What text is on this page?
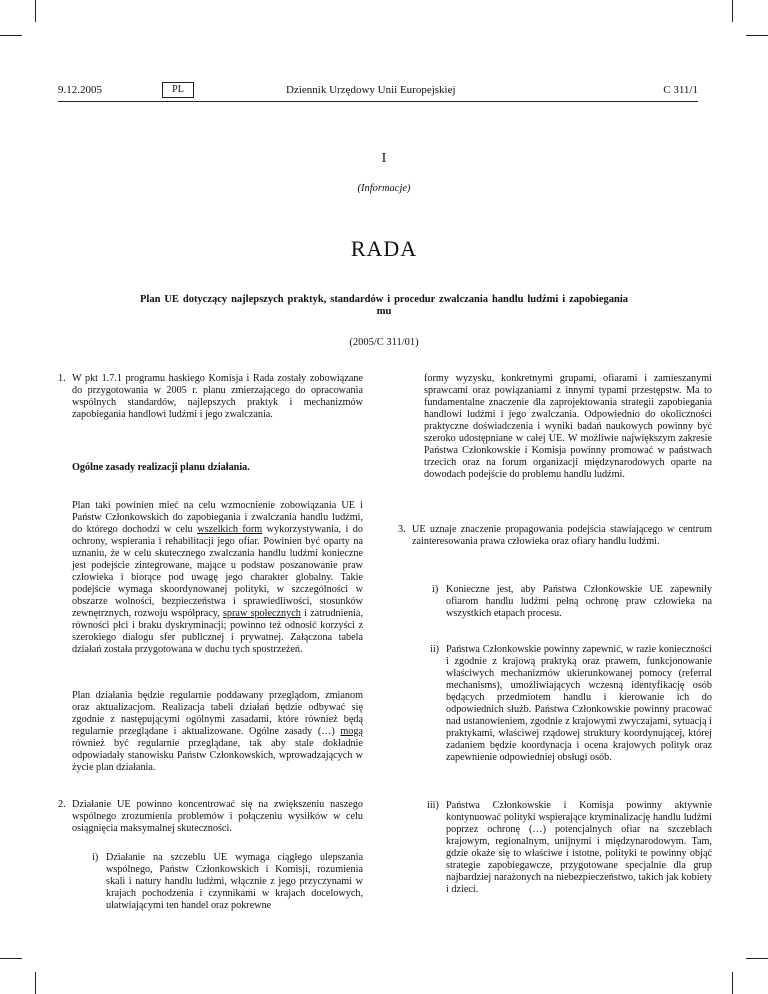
9.12.2005	PL	Dziennik Urzędowy Unii Europejskiej	C 311/1
I
(Informacje)
RADA
Plan UE dotyczący najlepszych praktyk, standardów i procedur zwalczania handlu ludźmi i zapobiegania mu
(2005/C 311/01)
1. W pkt 1.7.1 programu haskiego Komisja i Rada zostały zobowiązane do przygotowania w 2005 r. planu zmierzającego do opracowania wspólnych standardów, najlepszych praktyk i mechanizmów zapobiegania handlowi ludźmi i jego zwalczania.
Ogólne zasady realizacji planu działania.
Plan taki powinien mieć na celu wzmocnienie zobowiązania UE i Państw Członkowskich do zapobiegania i zwalczania handlu ludźmi, do którego dochodzi w celu wszelkich form wykorzystywania, i do ochrony, wspierania i rehabilitacji jego ofiar. Powinien być oparty na uznaniu, że w celu skutecznego zwalczania handlu ludźmi konieczne jest podejście zintegrowane, mające u podstaw poszanowanie praw człowieka i biorące pod uwagę jego charakter globalny. Takie podejście wymaga skoordynowanej polityki, w szczególności w obszarze wolności, bezpieczeństwa i sprawiedliwości, stosunków zewnętrznych, rozwoju współpracy, spraw społecznych i zatrudnienia, równości płci i braku dyskryminacji; powinno też odnosić korzyści z szerokiego dialogu sfer publicznej i prywatnej. Załączona tabela działań została przygotowana w duchu tych spostrzeżeń.
Plan działania będzie regularnie poddawany przeglądom, zmianom oraz aktualizacjom. Realizacja tabeli działań będzie odbywać się zgodnie z następującymi ogólnymi zasadami, które również będą regularnie przeglądane i aktualizowane. Ogólne zasady (…) mogą również być regularnie przeglądane, tak aby stale dokładnie odpowiadały stanowisku Państw Członkowskich, wprowadzających w życie plan działania.
2. Działanie UE powinno koncentrować się na zwiększeniu naszego wspólnego zrozumienia problemów i połączeniu wysiłków w celu osiągnięcia maksymalnej skuteczności.
i) Działanie na szczeblu UE wymaga ciągłego ulepszania wspólnego, Państw Członkowskich i Komisji, rozumienia skali i natury handlu ludźmi, włącznie z jego przyczynami w krajach pochodzenia i czynnikami w krajach docelowych, ułatwiającymi ten handel oraz pokrewne
formy wyzysku, konkretnymi grupami, ofiarami i zamieszanymi sprawcami oraz powiązaniami z innymi typami przestępstw. Ma to fundamentalne znaczenie dla zaprojektowania strategii zapobiegania handlowi ludźmi i jego zwalczania. Odpowiednio do okoliczności praktyczne doświadczenia i wyniki badań naukowych powinny być szeroko udostępniane w całej UE. W możliwie największym zakresie Państwa Członkowskie i Komisja powinny promować w państwach trzecich oraz na forum organizacji międzynarodowych oparte na dowodach podejście do problemu handlu ludźmi.
3. UE uznaje znaczenie propagowania podejścia stawiającego w centrum zainteresowania prawa człowieka oraz ofiary handlu ludźmi.
i) Konieczne jest, aby Państwa Członkowskie UE zapewniły ofiarom handlu ludźmi pełną ochronę praw człowieka na wszystkich etapach procesu.
ii) Państwa Członkowskie powinny zapewnić, w razie konieczności i zgodnie z krajową praktyką oraz prawem, funkcjonowanie właściwych mechanizmów ukierunkowanej pomocy (referral mechanisms), umożliwiających wczesną identyfikację osób będących przedmiotem handlu i kierowanie ich do odpowiednich służb. Państwa Członkowskie powinny pracować nad ustanowieniem, zgodnie z krajowymi zwyczajami, sytuacją i praktykami, właściwej rządowej struktury koordynującej, której zadaniem będzie koordynacja i ocena krajowych polityk oraz zapewnienie odpowiedniej obsługi osób.
iii) Państwa Członkowskie i Komisja powinny aktywnie kontynuować polityki wspierające kryminalizację handlu ludźmi poprzez ochronę (…) potencjalnych ofiar na szczeblach krajowym, regionalnym, unijnymi i międzynarodowym. Tam, gdzie okaże się to właściwe i istotne, polityki te powinny objąć strategie zapobiegawcze, przygotowane specjalnie dla grup najbardziej narażonych na niebezpieczeństwo, takich jak kobiety i dzieci.
